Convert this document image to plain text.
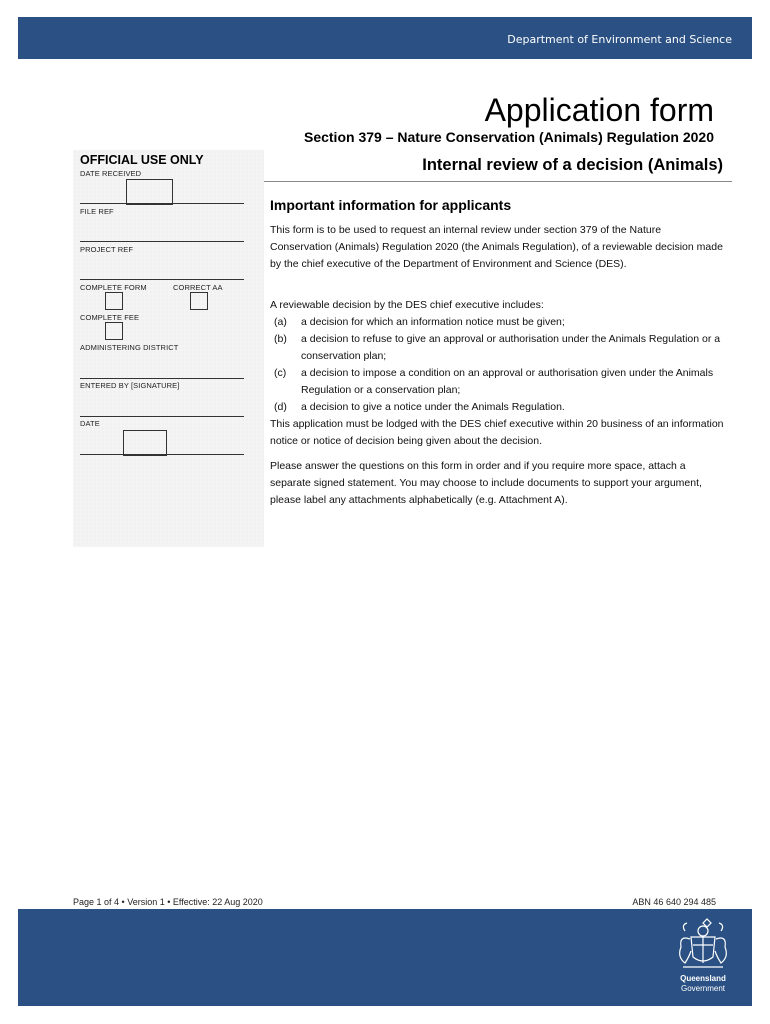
Department of Environment and Science
Application form
Section 379 – Nature Conservation (Animals) Regulation 2020
Internal review of a decision (Animals)
OFFICIAL USE ONLY
DATE RECEIVED
FILE REF
PROJECT REF
COMPLETE FORM	CORRECT AA
COMPLETE FEE
ADMINISTERING DISTRICT
ENTERED BY [SIGNATURE]
DATE
Important information for applicants
This form is to be used to request an internal review under section 379 of the Nature Conservation (Animals) Regulation 2020 (the Animals Regulation), of a reviewable decision made by the chief executive of the Department of Environment and Science (DES).
A reviewable decision by the DES chief executive includes:
(a) a decision for which an information notice must be given;
(b) a decision to refuse to give an approval or authorisation under the Animals Regulation or a conservation plan;
(c) a decision to impose a condition on an approval or authorisation given under the Animals Regulation or a conservation plan;
(d) a decision to give a notice under the Animals Regulation.
This application must be lodged with the DES chief executive within 20 business of an information notice or notice of decision being given about the decision.
Please answer the questions on this form in order and if you require more space, attach a separate signed statement. You may choose to include documents to support your argument, please label any attachments alphabetically (e.g. Attachment A).
Page 1 of 4 • Version 1 • Effective: 22 Aug 2020	ABN 46 640 294 485
Queensland
Government
